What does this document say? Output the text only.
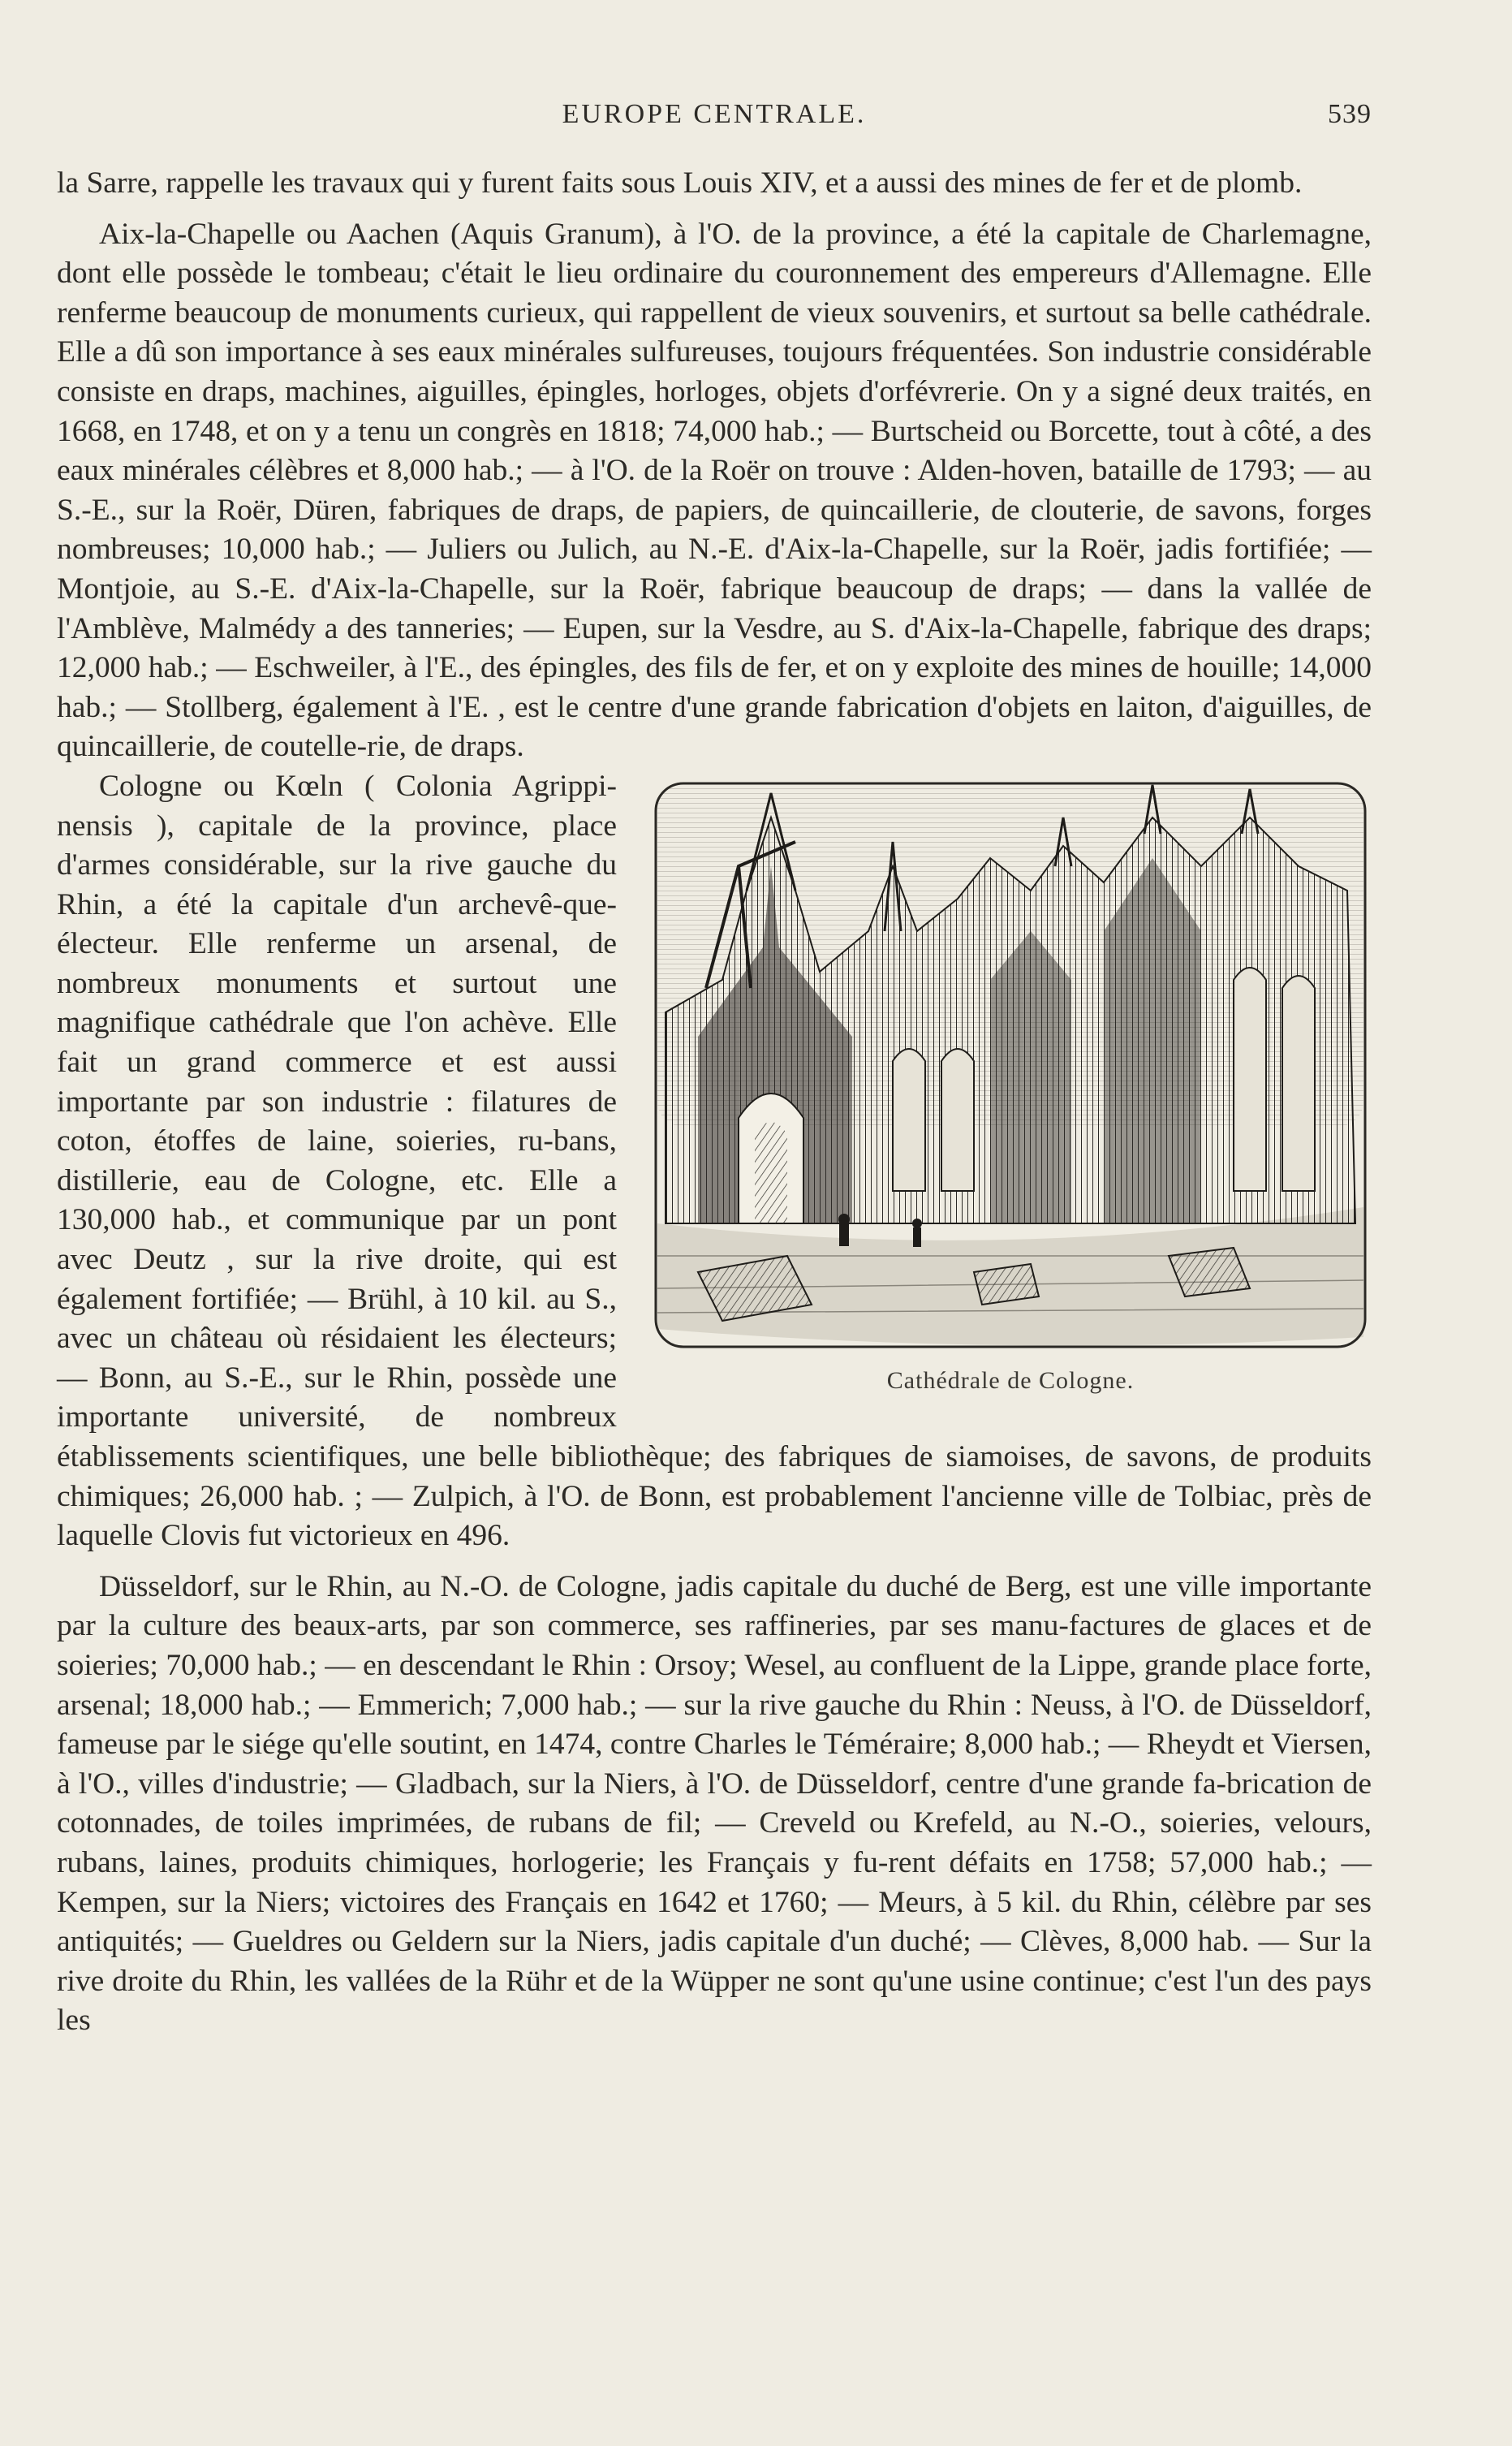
EUROPE CENTRALE.	539

la Sarre, rappelle les travaux qui y furent faits sous Louis XIV, et a aussi des mines de fer et de plomb.

Aix-la-Chapelle ou Aachen (Aquis Granum), à l'O. de la province, a été la capitale de Charlemagne, dont elle possède le tombeau; c'était le lieu ordinaire du couronnement des empereurs d'Allemagne. Elle renferme beaucoup de monuments curieux, qui rappellent de vieux souvenirs, et surtout sa belle cathédrale. Elle a dû son importance à ses eaux minérales sulfureuses, toujours fréquentées. Son industrie considérable consiste en draps, machines, aiguilles, épingles, horloges, objets d'orfévrerie. On y a signé deux traités, en 1668, en 1748, et on y a tenu un congrès en 1818; 74,000 hab.; — Burtscheid ou Borcette, tout à côté, a des eaux minérales célèbres et 8,000 hab.; — à l'O. de la Roër on trouve : Alden-hoven, bataille de 1793; — au S.-E., sur la Roër, Düren, fabriques de draps, de papiers, de quincaillerie, de clouterie, de savons, forges nombreuses; 10,000 hab.; — Juliers ou Julich, au N.-E. d'Aix-la-Chapelle, sur la Roër, jadis fortifiée; — Montjoie, au S.-E. d'Aix-la-Chapelle, sur la Roër, fabrique beaucoup de draps; — dans la vallée de l'Amblève, Malmédy a des tanneries; — Eupen, sur la Vesdre, au S. d'Aix-la-Chapelle, fabrique des draps; 12,000 hab.; — Eschweiler, à l'E., des épingles, des fils de fer, et on y exploite des mines de houille; 14,000 hab.; — Stollberg, également à l'E. , est le centre d'une grande fabrication d'objets en laiton, d'aiguilles, de quincaillerie, de coutelle-rie, de draps.

Cathédrale de Cologne.

Cologne ou Kœln ( Colonia Agrippi-nensis ), capitale de la province, place d'armes considérable, sur la rive gauche du Rhin, a été la capitale d'un archevê-que-électeur. Elle renferme un arsenal, de nombreux monuments et surtout une magnifique cathédrale que l'on achève. Elle fait un grand commerce et est aussi importante par son industrie : filatures de coton, étoffes de laine, soieries, ru-bans, distillerie, eau de Cologne, etc. Elle a 130,000 hab., et communique par un pont avec Deutz , sur la rive droite, qui est également fortifiée; — Brühl, à 10 kil. au S., avec un château où résidaient les électeurs; — Bonn, au S.-E., sur le Rhin, possède une importante université, de nombreux établissements scientifiques, une belle bibliothèque; des fabriques de siamoises, de savons, de produits chimiques; 26,000 hab. ; — Zulpich, à l'O. de Bonn, est probablement l'ancienne ville de Tolbiac, près de laquelle Clovis fut victorieux en 496.

Düsseldorf, sur le Rhin, au N.-O. de Cologne, jadis capitale du duché de Berg, est une ville importante par la culture des beaux-arts, par son commerce, ses raffineries, par ses manu-factures de glaces et de soieries; 70,000 hab.; — en descendant le Rhin : Orsoy; Wesel, au confluent de la Lippe, grande place forte, arsenal; 18,000 hab.; — Emmerich; 7,000 hab.; — sur la rive gauche du Rhin : Neuss, à l'O. de Düsseldorf, fameuse par le siége qu'elle soutint, en 1474, contre Charles le Téméraire; 8,000 hab.; — Rheydt et Viersen, à l'O., villes d'industrie; — Gladbach, sur la Niers, à l'O. de Düsseldorf, centre d'une grande fa-brication de cotonnades, de toiles imprimées, de rubans de fil; — Creveld ou Krefeld, au N.-O., soieries, velours, rubans, laines, produits chimiques, horlogerie; les Français y fu-rent défaits en 1758; 57,000 hab.; — Kempen, sur la Niers; victoires des Français en 1642 et 1760; — Meurs, à 5 kil. du Rhin, célèbre par ses antiquités; — Gueldres ou Geldern sur la Niers, jadis capitale d'un duché; — Clèves, 8,000 hab. — Sur la rive droite du Rhin, les vallées de la Rühr et de la Wüpper ne sont qu'une usine continue; c'est l'un des pays les
